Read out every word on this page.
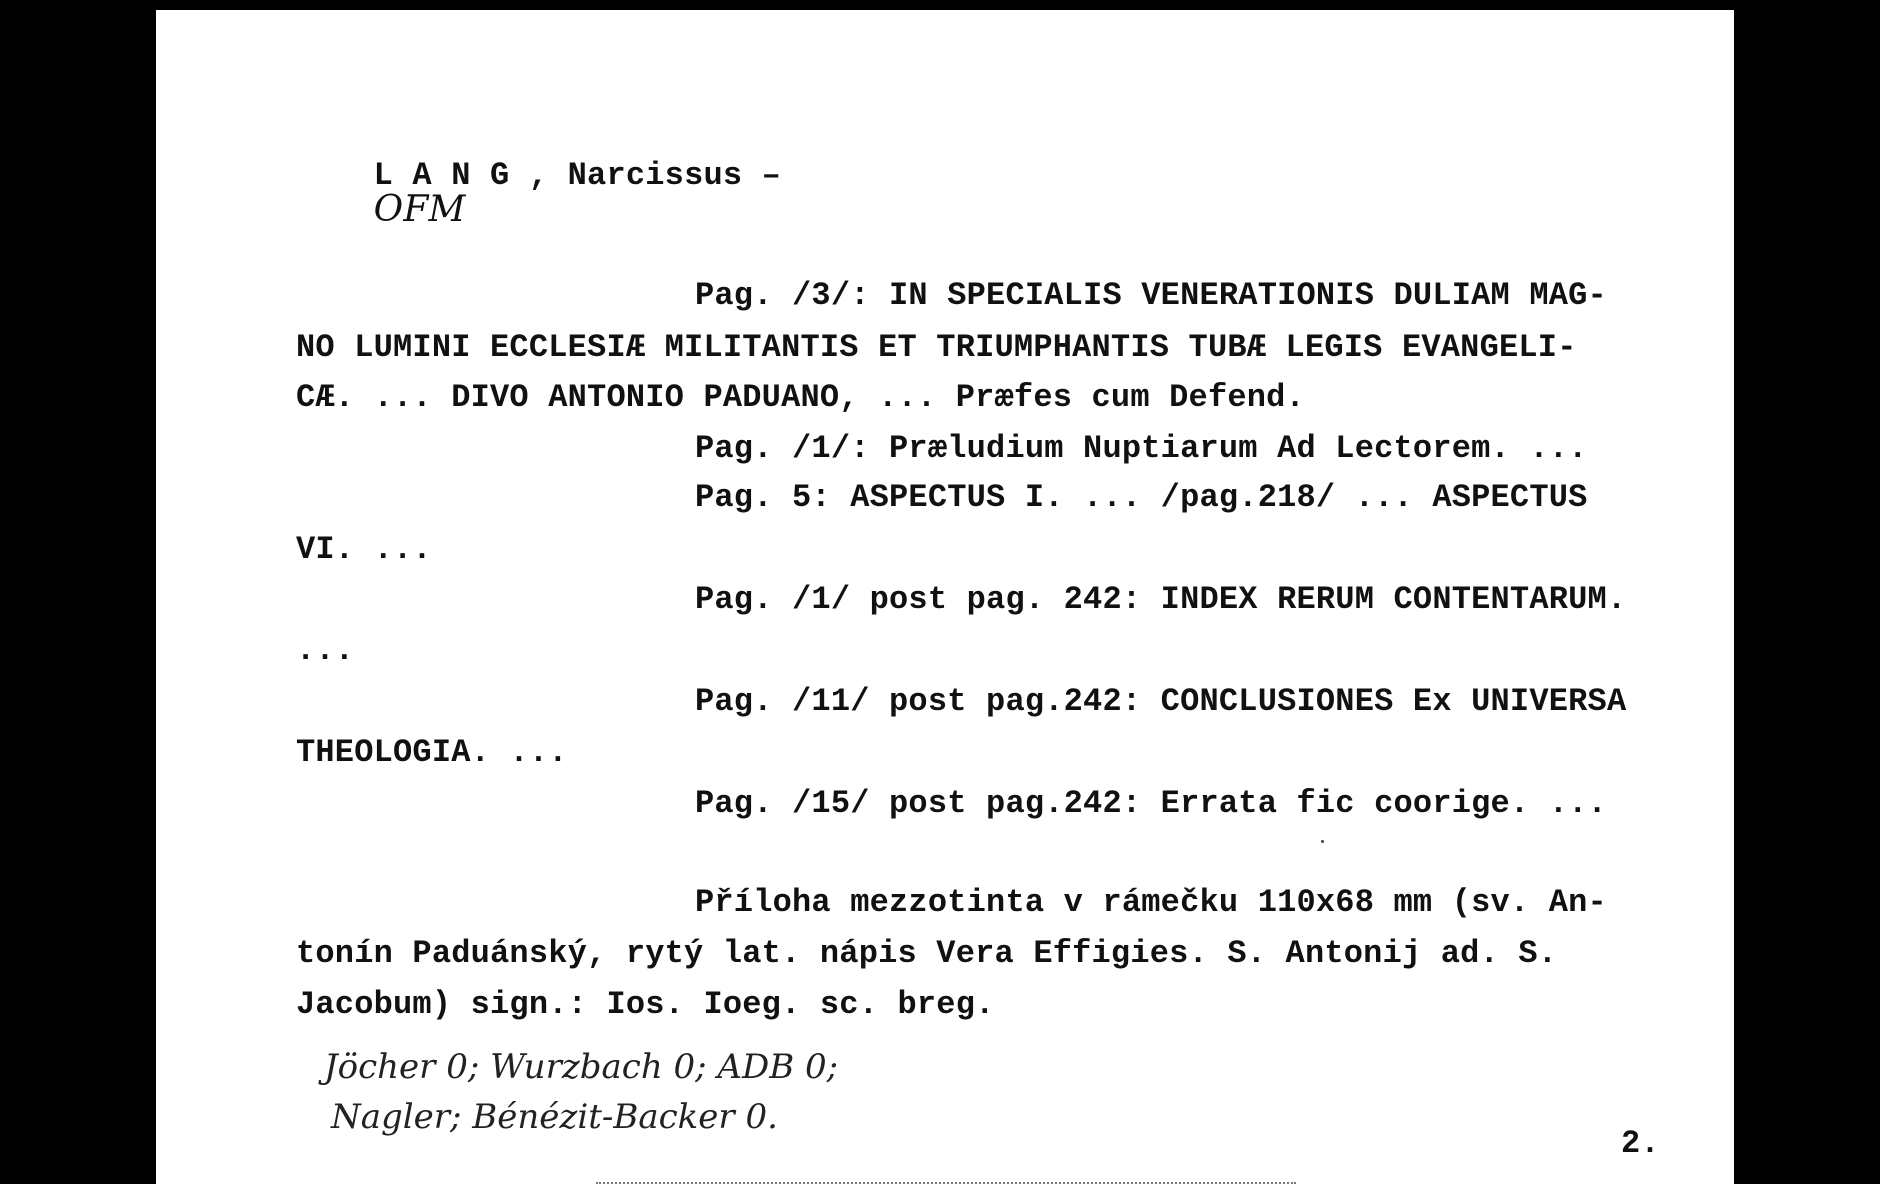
L A N G , Narcissus –
OFM

Pag. /3/: IN SPECIALIS VENERATIONIS DULIAM MAG-
NO LUMINI ECCLESIÆ MILITANTIS ET TRIUMPHANTIS TUBÆ LEGIS EVANGELI-
CÆ. ... DIVO ANTONIO PADUANO, ... Præfes cum Defend.
Pag. /1/: Præludium Nuptiarum Ad Lectorem. ...
Pag. 5: ASPECTUS I. ... /pag.218/ ... ASPECTUS
VI. ...
Pag. /1/ post pag. 242: INDEX RERUM CONTENTARUM.
...
Pag. /11/ post pag.242: CONCLUSIONES Ex UNIVERSA
THEOLOGIA. ...
Pag. /15/ post pag.242: Errata fic coorige. ...
Příloha mezzotinta v rámečku 110x68 mm (sv. An-
tonín Paduánský, rytý lat. nápis Vera Effigies. S. Antonij ad. S.
Jacobum) sign.: Ios. Ioeg. sc. breg.
Jöcher 0; Wurzbach 0; ADB 0;
Nagler; Bénézit-Backer 0.
2.
